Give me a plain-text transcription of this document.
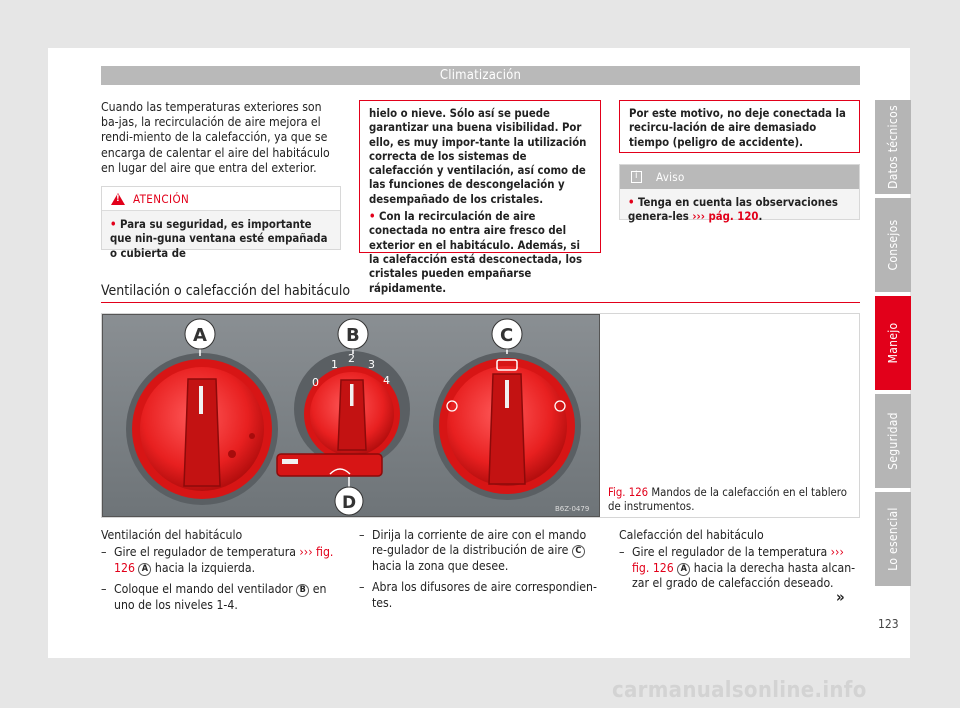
Climatización
Cuando las temperaturas exteriores son ba-jas, la recirculación de aire mejora el rendi-miento de la calefacción, ya que se encarga de calentar el aire del habitáculo en lugar del aire que entra del exterior.
!
ATENCIÓN
• Para su seguridad, es importante que nin-guna ventana esté empañada o cubierta de
hielo o nieve. Sólo así se puede garantizar una buena visibilidad. Por ello, es muy impor-tante la utilización correcta de los sistemas de calefacción y ventilación, así como de las funciones de descongelación y desempañado de los cristales.
• Con la recirculación de aire conectada no entra aire fresco del exterior en el habitáculo. Además, si la calefacción está desconectada, los cristales pueden empañarse rápidamente.
Por este motivo, no deje conectada la recircu-lación de aire demasiado tiempo (peligro de accidente).
i
Aviso
• Tenga en cuenta las observaciones genera-les ››› pág. 120.
Ventilación o calefacción del habitáculo
0
1 2 3
4
A	B	C
D	B6Z-0479
Fig. 126 Mandos de la calefacción en el tablero de instrumentos.
Ventilación del habitáculo
– Gire el regulador de temperatura ››› fig. 126 A hacia la izquierda.
– Coloque el mando del ventilador B en uno de los niveles 1-4.
– Dirija la corriente de aire con el mando re-gulador de la distribución de aire C hacia la zona que desee.
– Abra los difusores de aire correspondien-tes.
Calefacción del habitáculo
– Gire el regulador de la temperatura ››› fig. 126 A hacia la derecha hasta alcan-zar el grado de calefacción deseado.
»
Datos técnicos
Consejos
Manejo
Seguridad
Lo esencial
123
carmanualsonline.info
